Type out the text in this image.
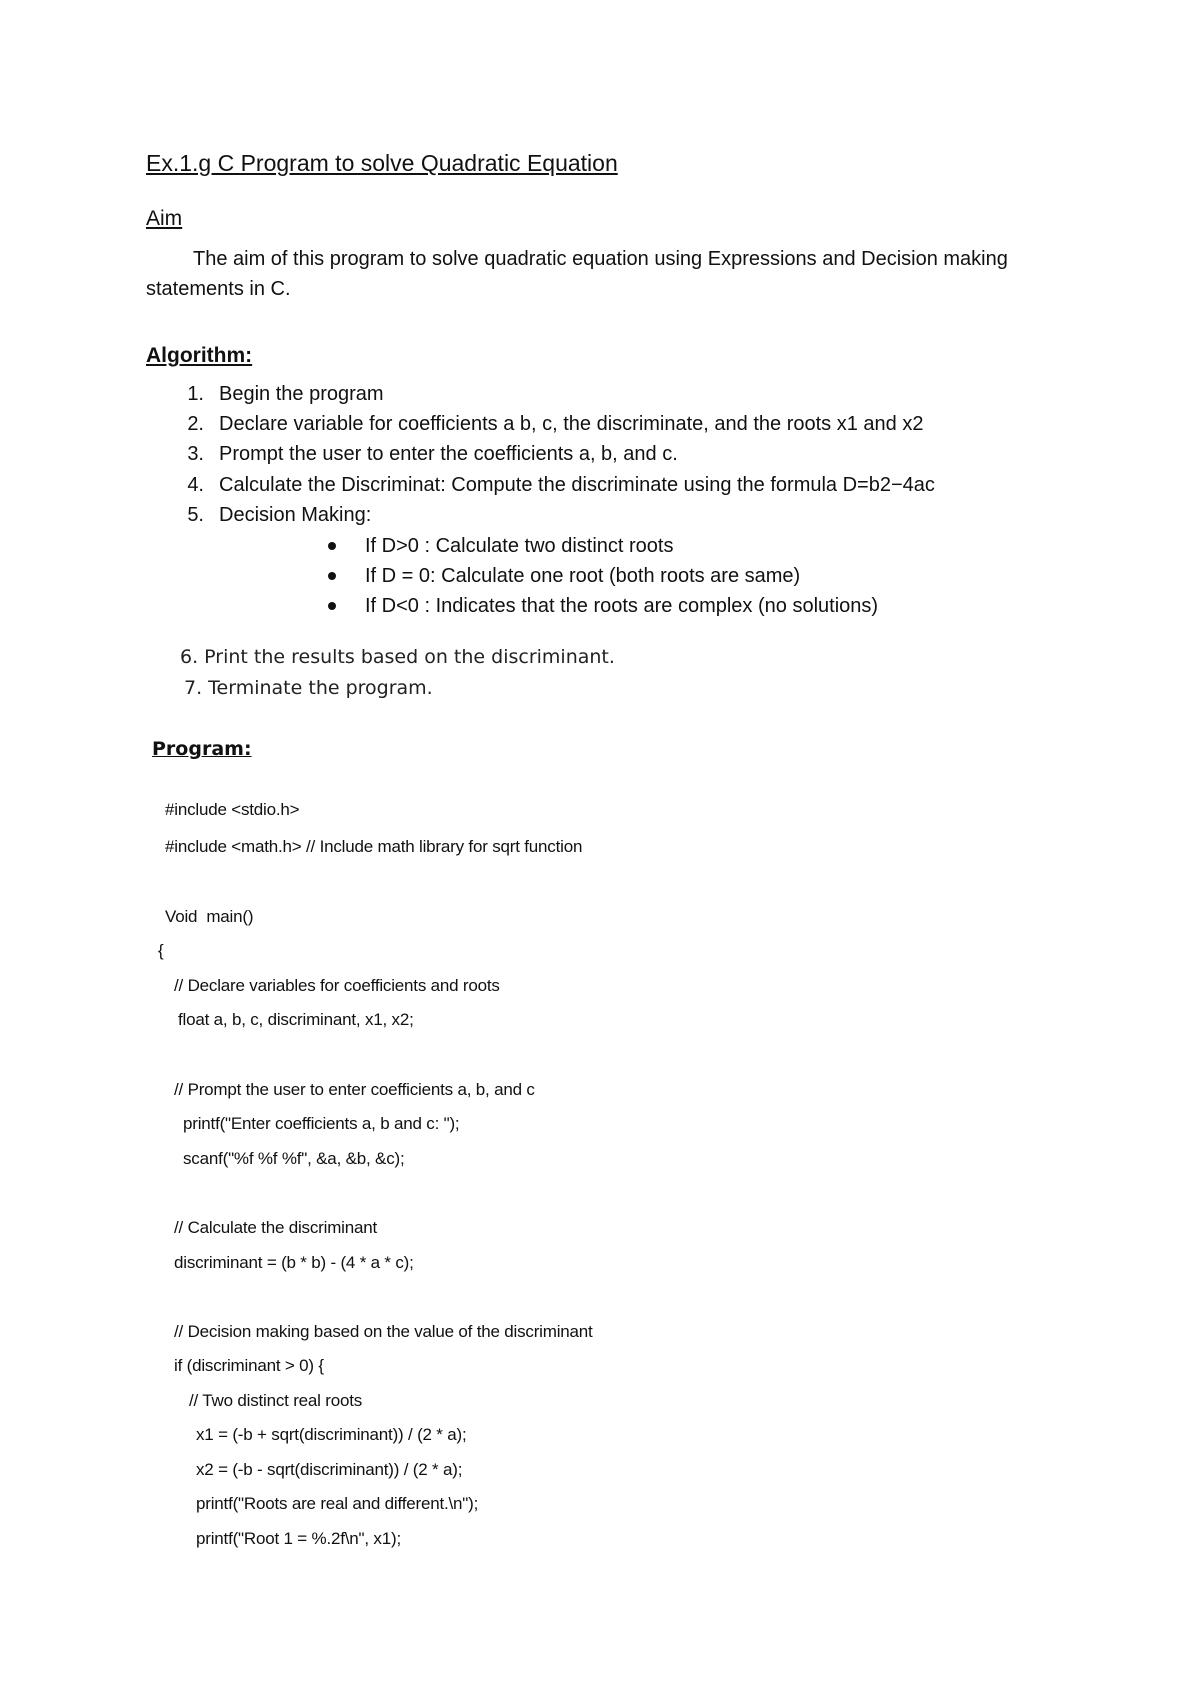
Ex.1.g C Program to solve Quadratic Equation
Aim
The aim of this program to solve quadratic equation using Expressions and Decision making statements in C.
Algorithm:
1. Begin the program
2. Declare variable for coefficients a b, c, the discriminate, and the roots x1 and x2
3. Prompt the user to enter the coefficients a, b, and c.
4. Calculate the Discriminat: Compute the discriminate using the formula D=b2−4ac
5. Decision Making:
If D>0 : Calculate two distinct roots
If D = 0: Calculate one root (both roots are same)
If D<0 : Indicates that the roots are complex (no solutions)
6. Print the results based on the discriminant.
7. Terminate the program.
Program:
#include <stdio.h>
#include <math.h> // Include math library for sqrt function
Void  main()
{
// Declare variables for coefficients and roots
float a, b, c, discriminant, x1, x2;
// Prompt the user to enter coefficients a, b, and c
printf("Enter coefficients a, b and c: ");
scanf("%f %f %f", &a, &b, &c);
// Calculate the discriminant
discriminant = (b * b) - (4 * a * c);
// Decision making based on the value of the discriminant
if (discriminant > 0) {
// Two distinct real roots
x1 = (-b + sqrt(discriminant)) / (2 * a);
x2 = (-b - sqrt(discriminant)) / (2 * a);
printf("Roots are real and different.\n");
printf("Root 1 = %.2f\n", x1);
